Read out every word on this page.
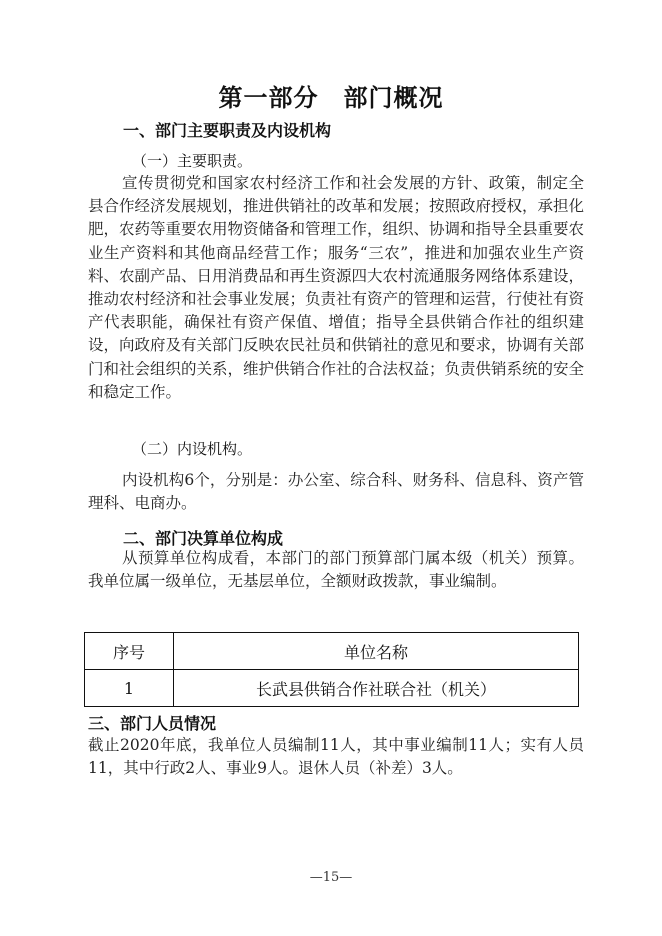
第一部分　部门概况
一、部门主要职责及内设机构
（一）主要职责。
宣传贯彻党和国家农村经济工作和社会发展的方针、政策，制定全县合作经济发展规划，推进供销社的改革和发展；按照政府授权，承担化肥，农药等重要农用物资储备和管理工作，组织、协调和指导全县重要农业生产资料和其他商品经营工作；服务“三农”，推进和加强农业生产资料、农副产品、日用消费品和再生资源四大农村流通服务网络体系建设，推动农村经济和社会事业发展；负责社有资产的管理和运营，行使社有资产代表职能，确保社有资产保值、增值；指导全县供销合作社的组织建设，向政府及有关部门反映农民社员和供销社的意见和要求，协调有关部门和社会组织的关系，维护供销合作社的合法权益；负责供销系统的安全和稳定工作。
（二）内设机构。
内设机构6个，分别是：办公室、综合科、财务科、信息科、资产管理科、电商办。
二、部门决算单位构成
从预算单位构成看，本部门的部门预算部门属本级（机关）预算。我单位属一级单位，无基层单位，全额财政拨款，事业编制。
序号	单位名称
1	长武县供销合作社联合社（机关）
三、部门人员情况
截止2020年底，我单位人员编制11人，其中事业编制11人；实有人员11，其中行政2人、事业9人。退休人员（补差）3人。
—15—
